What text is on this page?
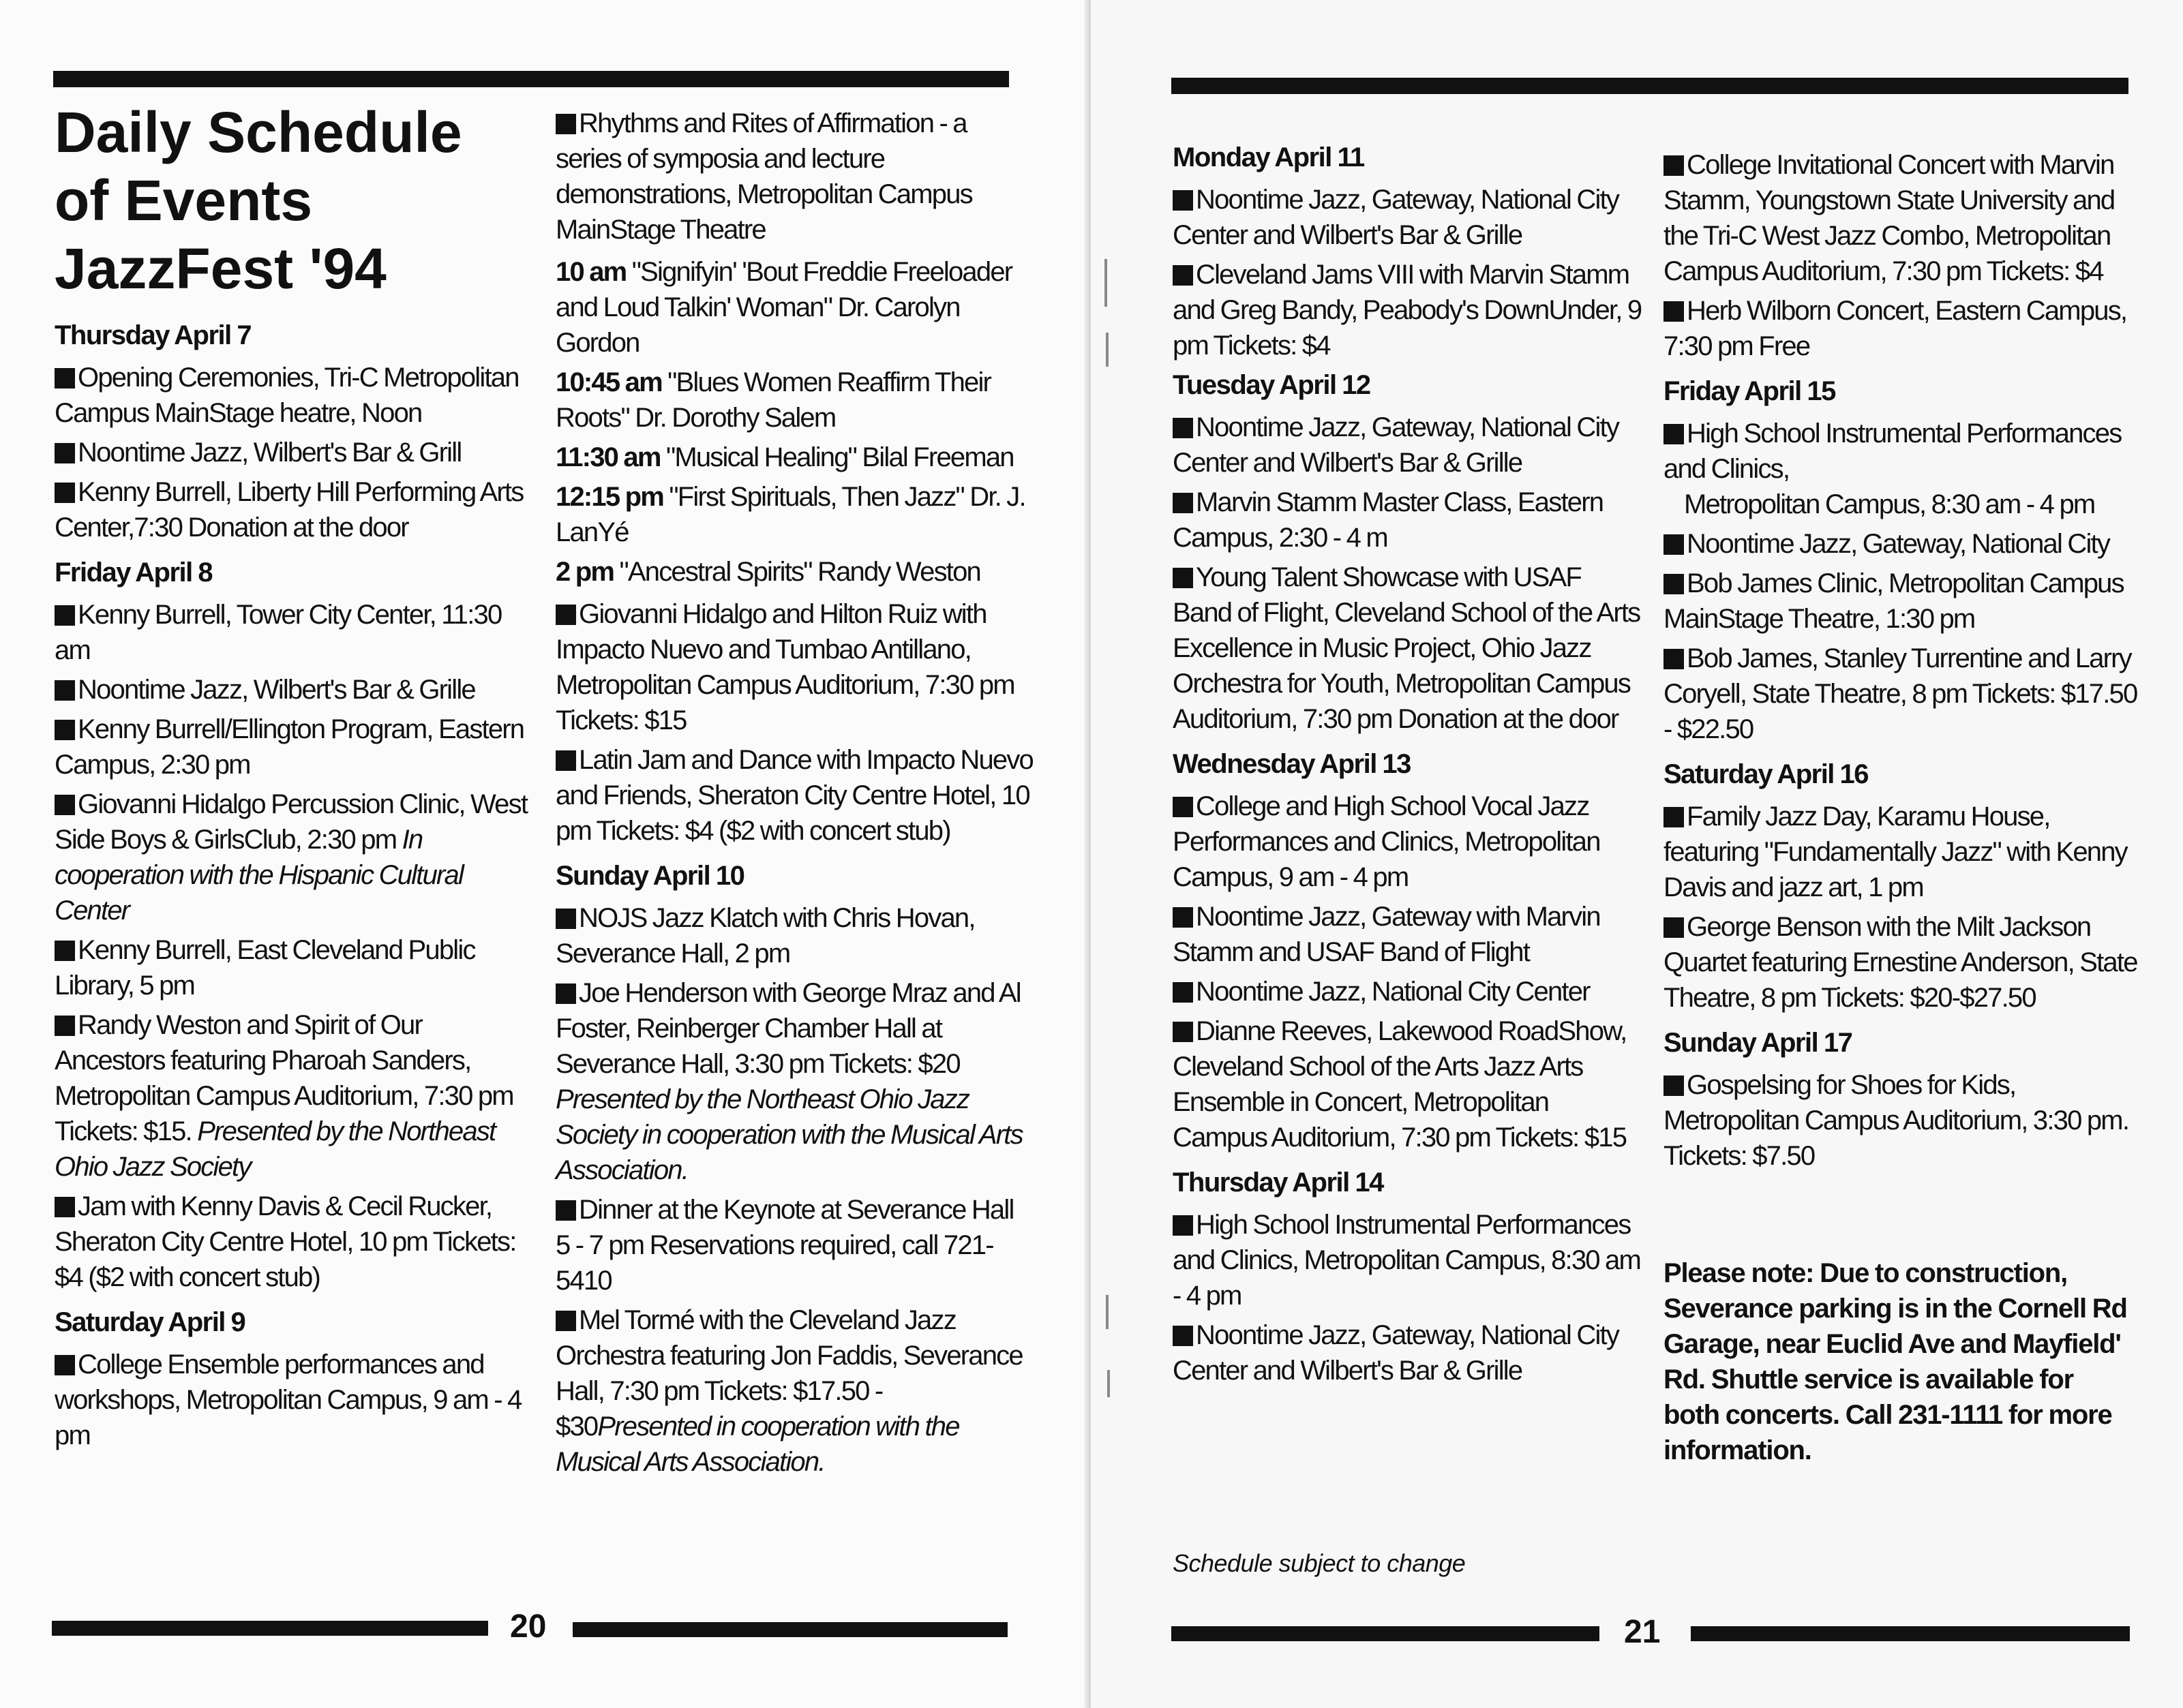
Daily Schedule
of Events
JazzFest '94

Thursday April 7

Opening Ceremonies, Tri-C Metropolitan Campus MainStage heatre, Noon

Noontime Jazz, Wilbert's Bar & Grill

Kenny Burrell, Liberty Hill Performing Arts Center,7:30 Donation at the door

Friday April 8

Kenny Burrell, Tower City Center, 11:30 am

Noontime Jazz, Wilbert's Bar & Grille

Kenny Burrell/Ellington Program, Eastern Campus, 2:30 pm

Giovanni Hidalgo Percussion Clinic, West Side Boys & GirlsClub, 2:30 pm In cooperation with the Hispanic Cultural Center

Kenny Burrell, East Cleveland Public Library, 5 pm

Randy Weston and Spirit of Our Ancestors featuring Pharoah Sanders, Metropolitan Campus Auditorium, 7:30 pm Tickets: $15. Presented by the Northeast Ohio Jazz Society

Jam with Kenny Davis & Cecil Rucker, Sheraton City Centre Hotel, 10 pm Tickets: $4 ($2 with concert stub)

Saturday April 9

College Ensemble performances and workshops, Metropolitan Campus, 9 am - 4 pm

Rhythms and Rites of Affirmation - a series of symposia and lecture demonstrations, Metropolitan Campus MainStage Theatre

10 am "Signifyin' 'Bout Freddie Freeloader and Loud Talkin' Woman" Dr. Carolyn Gordon

10:45 am "Blues Women Reaffirm Their Roots" Dr. Dorothy Salem

11:30 am "Musical Healing" Bilal Freeman

12:15 pm "First Spirituals, Then Jazz" Dr. J. LanYé

2 pm "Ancestral Spirits" Randy Weston

Giovanni Hidalgo and Hilton Ruiz with Impacto Nuevo and Tumbao Antillano, Metropolitan Campus Auditorium, 7:30 pm Tickets: $15

Latin Jam and Dance with Impacto Nuevo and Friends, Sheraton City Centre Hotel, 10 pm Tickets: $4 ($2 with concert stub)

Sunday April 10

NOJS Jazz Klatch with Chris Hovan, Severance Hall, 2 pm

Joe Henderson with George Mraz and Al Foster, Reinberger Chamber Hall at Severance Hall, 3:30 pm Tickets: $20 Presented by the Northeast Ohio Jazz Society in cooperation with the Musical Arts Association.

Dinner at the Keynote at Severance Hall 5 - 7 pm Reservations required, call 721-5410

Mel Tormé with the Cleveland Jazz Orchestra featuring Jon Faddis, Severance Hall, 7:30 pm Tickets: $17.50 - $30Presented in cooperation with the Musical Arts Association.

20

Monday April 11

Noontime Jazz, Gateway, National City Center and Wilbert's Bar & Grille

Cleveland Jams VIII with Marvin Stamm and Greg Bandy, Peabody's DownUnder, 9 pm Tickets: $4

Tuesday April 12

Noontime Jazz, Gateway, National City Center and Wilbert's Bar & Grille

Marvin Stamm Master Class, Eastern Campus, 2:30 - 4 m

Young Talent Showcase with USAF Band of Flight, Cleveland School of the Arts Excellence in Music Project, Ohio Jazz Orchestra for Youth, Metropolitan Campus Auditorium, 7:30 pm Donation at the door

Wednesday April 13

College and High School Vocal Jazz Performances and Clinics, Metropolitan Campus, 9 am - 4 pm

Noontime Jazz, Gateway with Marvin Stamm and USAF Band of Flight

Noontime Jazz, National City Center

Dianne Reeves, Lakewood RoadShow, Cleveland School of the Arts Jazz Arts Ensemble in Concert, Metropolitan Campus Auditorium, 7:30 pm Tickets: $15

Thursday April 14

High School Instrumental Performances and Clinics, Metropolitan Campus, 8:30 am - 4 pm

Noontime Jazz, Gateway, National City Center and Wilbert's Bar & Grille

College Invitational Concert with Marvin Stamm, Youngstown State University and the Tri-C West Jazz Combo, Metropolitan Campus Auditorium, 7:30 pm Tickets: $4

Herb Wilborn Concert, Eastern Campus, 7:30 pm Free

Friday April 15

High School Instrumental Performances and Clinics,

Metropolitan Campus, 8:30 am - 4 pm

Noontime Jazz, Gateway, National City

Bob James Clinic, Metropolitan Campus MainStage Theatre, 1:30 pm

Bob James, Stanley Turrentine and Larry Coryell, State Theatre, 8 pm Tickets: $17.50 - $22.50

Saturday April 16

Family Jazz Day, Karamu House, featuring "Fundamentally Jazz" with Kenny Davis and jazz art, 1 pm

George Benson with the Milt Jackson Quartet featuring Ernestine Anderson, State Theatre, 8 pm Tickets: $20-$27.50

Sunday April 17

Gospelsing for Shoes for Kids, Metropolitan Campus Auditorium, 3:30 pm. Tickets: $7.50

Please note: Due to construction, Severance parking is in the Cornell Rd Garage, near Euclid Ave and Mayfield' Rd. Shuttle service is available for both concerts. Call 231-1111 for more information.

Schedule subject to change
21
